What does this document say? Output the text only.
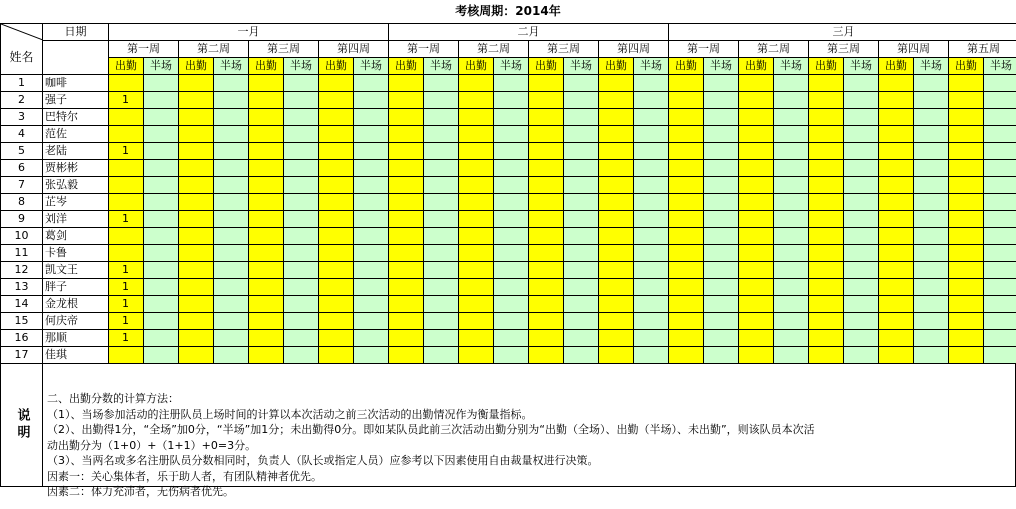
考核周期：2014年
	日期	一月								二月								三月									
姓名		第一周		第二周		第三周		第四周		第一周		第二周		第三周		第四周		第一周		第二周		第三周		第四周		第五周	
		出勤	半场	出勤	半场	出勤	半场	出勤	半场	出勤	半场	出勤	半场	出勤	半场	出勤	半场	出勤	半场	出勤	半场	出勤	半场	出勤	半场	出勤	半场
1	咖啡																										
2	强子	1																									
3	巴特尔																										
4	范佐																										
5	老陆	1																									
6	贾彬彬																										
7	张弘毅																										
8	芷岑																										
9	刘洋	1																									
10	葛剑																										
11	卡鲁																										
12	凯文王	1																									
13	胖子	1																									
14	金龙根	1																									
15	何庆帝	1																									
16	那顺	1																									
17	佳琪																										
说明
二、出勤分数的计算方法：
（1）、当场参加活动的注册队员上场时间的计算以本次活动之前三次活动的出勤情况作为衡量指标。
（2）、出勤得1分，“全场”加0分，“半场”加1分；未出勤得0分。即如某队员此前三次活动出勤分别为“出勤（全场）、出勤（半场）、未出勤”，则该队员本次活
动出勤分为（1+0）+（1+1）+0=3分。
（3）、当两名或多名注册队员分数相同时，负责人（队长或指定人员）应参考以下因素使用自由裁量权进行决策。
因素一：关心集体者，乐于助人者，有团队精神者优先。
因素二：体力充沛者，无伤病者优先。
